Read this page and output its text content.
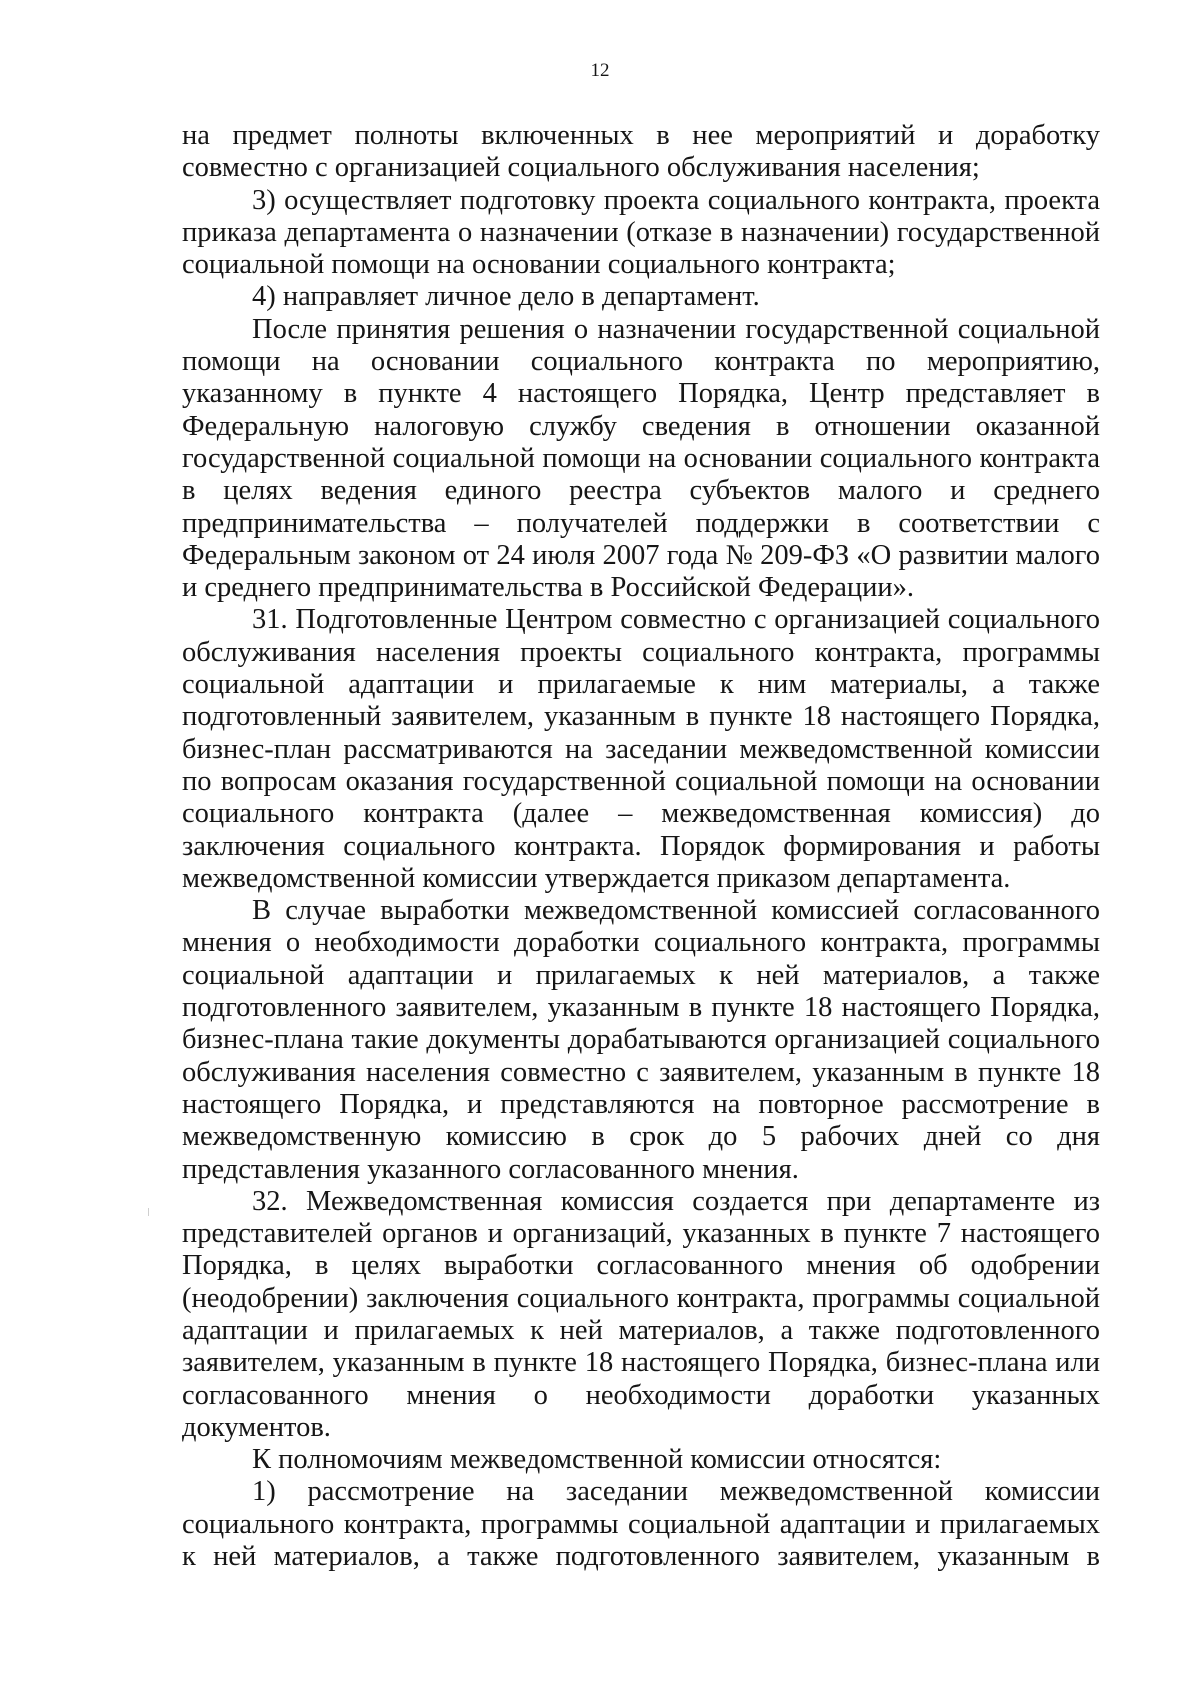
12

на предмет полноты включенных в нее мероприятий и доработку совместно с организацией социального обслуживания населения;

3) осуществляет подготовку проекта социального контракта, проекта приказа департамента о назначении (отказе в назначении) государственной социальной помощи на основании социального контракта;

4) направляет личное дело в департамент.

После принятия решения о назначении государственной социальной помощи на основании социального контракта по мероприятию, указанному в пункте 4 настоящего Порядка, Центр представляет в Федеральную налоговую службу сведения в отношении оказанной государственной социальной помощи на основании социального контракта в целях ведения единого реестра субъектов малого и среднего предпринимательства – получателей поддержки в соответствии с Федеральным законом от 24 июля 2007 года № 209-ФЗ «О развитии малого и среднего предпринимательства в Российской Федерации».

31. Подготовленные Центром совместно с организацией социального обслуживания населения проекты социального контракта, программы социальной адаптации и прилагаемые к ним материалы, а также подготовленный заявителем, указанным в пункте 18 настоящего Порядка, бизнес-план рассматриваются на заседании межведомственной комиссии по вопросам оказания государственной социальной помощи на основании социального контракта (далее – межведомственная комиссия) до заключения социального контракта. Порядок формирования и работы межведомственной комиссии утверждается приказом департамента.

В случае выработки межведомственной комиссией согласованного мнения о необходимости доработки социального контракта, программы социальной адаптации и прилагаемых к ней материалов, а также подготовленного заявителем, указанным в пункте 18 настоящего Порядка, бизнес-плана такие документы дорабатываются организацией социального обслуживания населения совместно с заявителем, указанным в пункте 18 настоящего Порядка, и представляются на повторное рассмотрение в межведомственную комиссию в срок до 5 рабочих дней со дня представления указанного согласованного мнения.

32. Межведомственная комиссия создается при департаменте из представителей органов и организаций, указанных в пункте 7 настоящего Порядка, в целях выработки согласованного мнения об одобрении (неодобрении) заключения социального контракта, программы социальной адаптации и прилагаемых к ней материалов, а также подготовленного заявителем, указанным в пункте 18 настоящего Порядка, бизнес-плана или согласованного мнения о необходимости доработки указанных документов.

К полномочиям межведомственной комиссии относятся:

1) рассмотрение на заседании межведомственной комиссии социального контракта, программы социальной адаптации и прилагаемых к ней материалов, а также подготовленного заявителем, указанным в
